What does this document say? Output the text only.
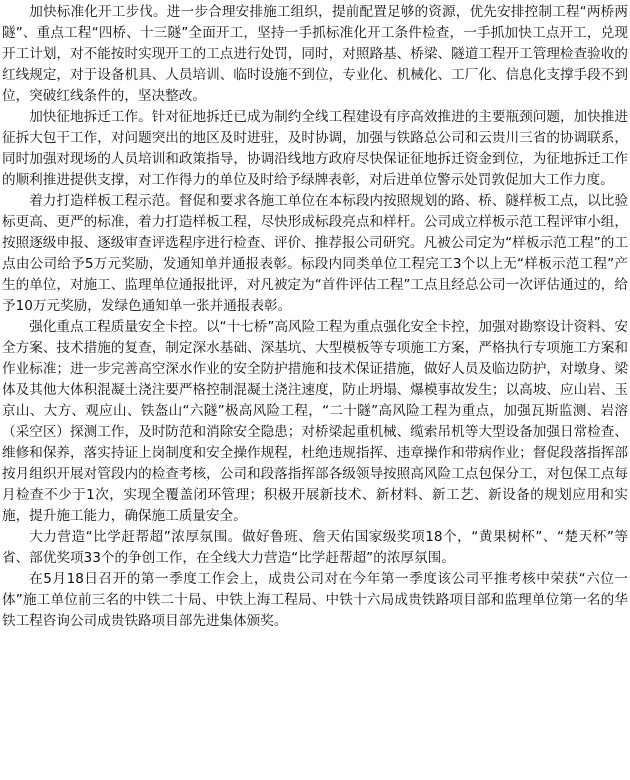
加快标准化开工步伐。进一步合理安排施工组织，提前配置足够的资源，优先安排控制工程“两桥两隧”、重点工程“四桥、十三隧”全面开工，坚持一手抓标准化开工条件检查，一手抓加快工点开工，兑现开工计划，对不能按时实现开工的工点进行处罚，同时，对照路基、桥梁、隧道工程开工管理检查验收的红线规定，对于设备机具、人员培训、临时设施不到位，专业化、机械化、工厂化、信息化支撑手段不到位，突破红线条件的，坚决整改。

加快征地拆迁工作。针对征地拆迁已成为制约全线工程建设有序高效推进的主要瓶颈问题，加快推进征拆大包干工作，对问题突出的地区及时进驻，及时协调，加强与铁路总公司和云贵川三省的协调联系，同时加强对现场的人员培训和政策指导，协调沿线地方政府尽快保证征地拆迁资金到位，为征地拆迁工作的顺利推进提供支撑，对工作得力的单位及时给予绿牌表彰，对后进单位警示处罚敦促加大工作力度。

着力打造样板工程示范。督促和要求各施工单位在本标段内按照规划的路、桥、隧样板工点，以比验标更高、更严的标准，着力打造样板工程，尽快形成标段亮点和样杆。公司成立样板示范工程评审小组，按照逐级申报、逐级审查评选程序进行检查、评价、推荐报公司研究。凡被公司定为“样板示范工程”的工点由公司给予5万元奖励，发通知单并通报表彰。标段内同类单位工程完工3个以上无“样板示范工程”产生的单位，对施工、监理单位通报批评，对凡被定为“首件评估工程”工点且经总公司一次评估通过的，给予10万元奖励，发绿色通知单一张并通报表彰。

强化重点工程质量安全卡控。以“十七桥”高风险工程为重点强化安全卡控，加强对勘察设计资料、安全方案、技术措施的复查，制定深水基础、深基坑、大型模板等专项施工方案，严格执行专项施工方案和作业标准；进一步完善高空深水作业的安全防护措施和技术保证措施，做好人员及临边防护，对墩身、梁体及其他大体积混凝土浇注要严格控制混凝土浇注速度，防止坍塌、爆模事故发生；以高坡、应山岩、玉京山、大方、观应山、铁盔山“六隧”极高风险工程，“二十隧”高风险工程为重点，加强瓦斯监测、岩溶（采空区）探测工作，及时防范和消除安全隐患；对桥梁起重机械、缆索吊机等大型设备加强日常检查、维修和保养，落实持证上岗制度和安全操作规程，杜绝违规指挥、违章操作和带病作业；督促段落指挥部按月组织开展对管段内的检查考核，公司和段落指挥部各级领导按照高风险工点包保分工，对包保工点每月检查不少于1次，实现全覆盖闭环管理；积极开展新技术、新材料、新工艺、新设备的规划应用和实施，提升施工能力，确保施工质量安全。

大力营造“比学赶帮超”浓厚氛围。做好鲁班、詹天佑国家级奖项18个，“黄果树杯”、“楚天杯”等省、部优奖项33个的争创工作，在全线大力营造“比学赶帮超”的浓厚氛围。

在5月18日召开的第一季度工作会上，成贵公司对在今年第一季度该公司平推考核中荣获“六位一体”施工单位前三名的中铁二十局、中铁上海工程局、中铁十六局成贵铁路项目部和监理单位第一名的华铁工程咨询公司成贵铁路项目部先进集体颁奖。
